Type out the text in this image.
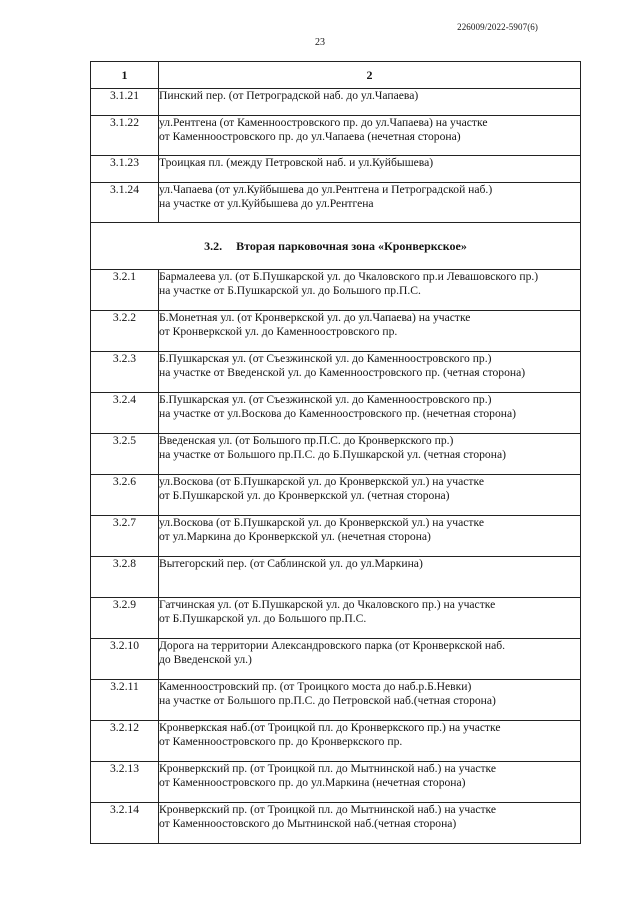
226009/2022-5907(6)
23
1	2
3.1.21	Пинский пер. (от Петроградской наб. до ул.Чапаева)

3.1.22	ул.Рентгена (от Каменноостровского пр. до ул.Чапаева) на участке
от Каменноостровского пр. до ул.Чапаева (нечетная сторона)

3.1.23	Троицкая пл. (между Петровской наб. и ул.Куйбышева)

3.1.24	ул.Чапаева (от ул.Куйбышева до ул.Рентгена и Петроградской наб.)
на участке от ул.Куйбышева до ул.Рентгена

3.2. Вторая парковочная зона «Кронверкское»	
3.2.1	Бармалеева ул. (от Б.Пушкарской ул. до Чкаловского пр.и Левашовского пр.)
на участке от Б.Пушкарской ул. до Большого пр.П.С.

3.2.2	Б.Монетная ул. (от Кронверкской ул. до ул.Чапаева) на участке
от Кронверкской ул. до Каменноостровского пр.

3.2.3	Б.Пушкарская ул. (от Съезжинской ул. до Каменноостровского пр.)
на участке от Введенской ул. до Каменноостровского пр. (четная сторона)

3.2.4	Б.Пушкарская ул. (от Съезжинской ул. до Каменноостровского пр.)
на участке от ул.Воскова до Каменноостровского пр. (нечетная сторона)

3.2.5	Введенская ул. (от Большого пр.П.С. до Кронверкского пр.)
на участке от Большого пр.П.С. до Б.Пушкарской ул. (четная сторона)

3.2.6	ул.Воскова (от Б.Пушкарской ул. до Кронверкской ул.) на участке
от Б.Пушкарской ул. до Кронверкской ул. (четная сторона)

3.2.7	ул.Воскова (от Б.Пушкарской ул. до Кронверкской ул.) на участке
от ул.Маркина до Кронверкской ул. (нечетная сторона)

3.2.8	Вытегорский пер. (от Саблинской ул. до ул.Маркина)

3.2.9	Гатчинская ул. (от Б.Пушкарской ул. до Чкаловского пр.) на участке
от Б.Пушкарской ул. до Большого пр.П.С.

3.2.10	Дорога на территории Александровского парка (от Кронверкской наб.
до Введенской ул.)

3.2.11	Каменноостровский пр. (от Троицкого моста до наб.р.Б.Невки)
на участке от Большого пр.П.С. до Петровской наб.(четная сторона)

3.2.12	Кронверкская наб.(от Троицкой пл. до Кронверкского пр.) на участке
от Каменноостровского пр. до Кронверкского пр.

3.2.13	Кронверкский пр. (от Троицкой пл. до Мытнинской наб.) на участке
от Каменноостровского пр. до ул.Маркина (нечетная сторона)

3.2.14	Кронверкский пр. (от Троицкой пл. до Мытнинской наб.) на участке
от Каменноостовского до Мытнинской наб.(четная сторона)
